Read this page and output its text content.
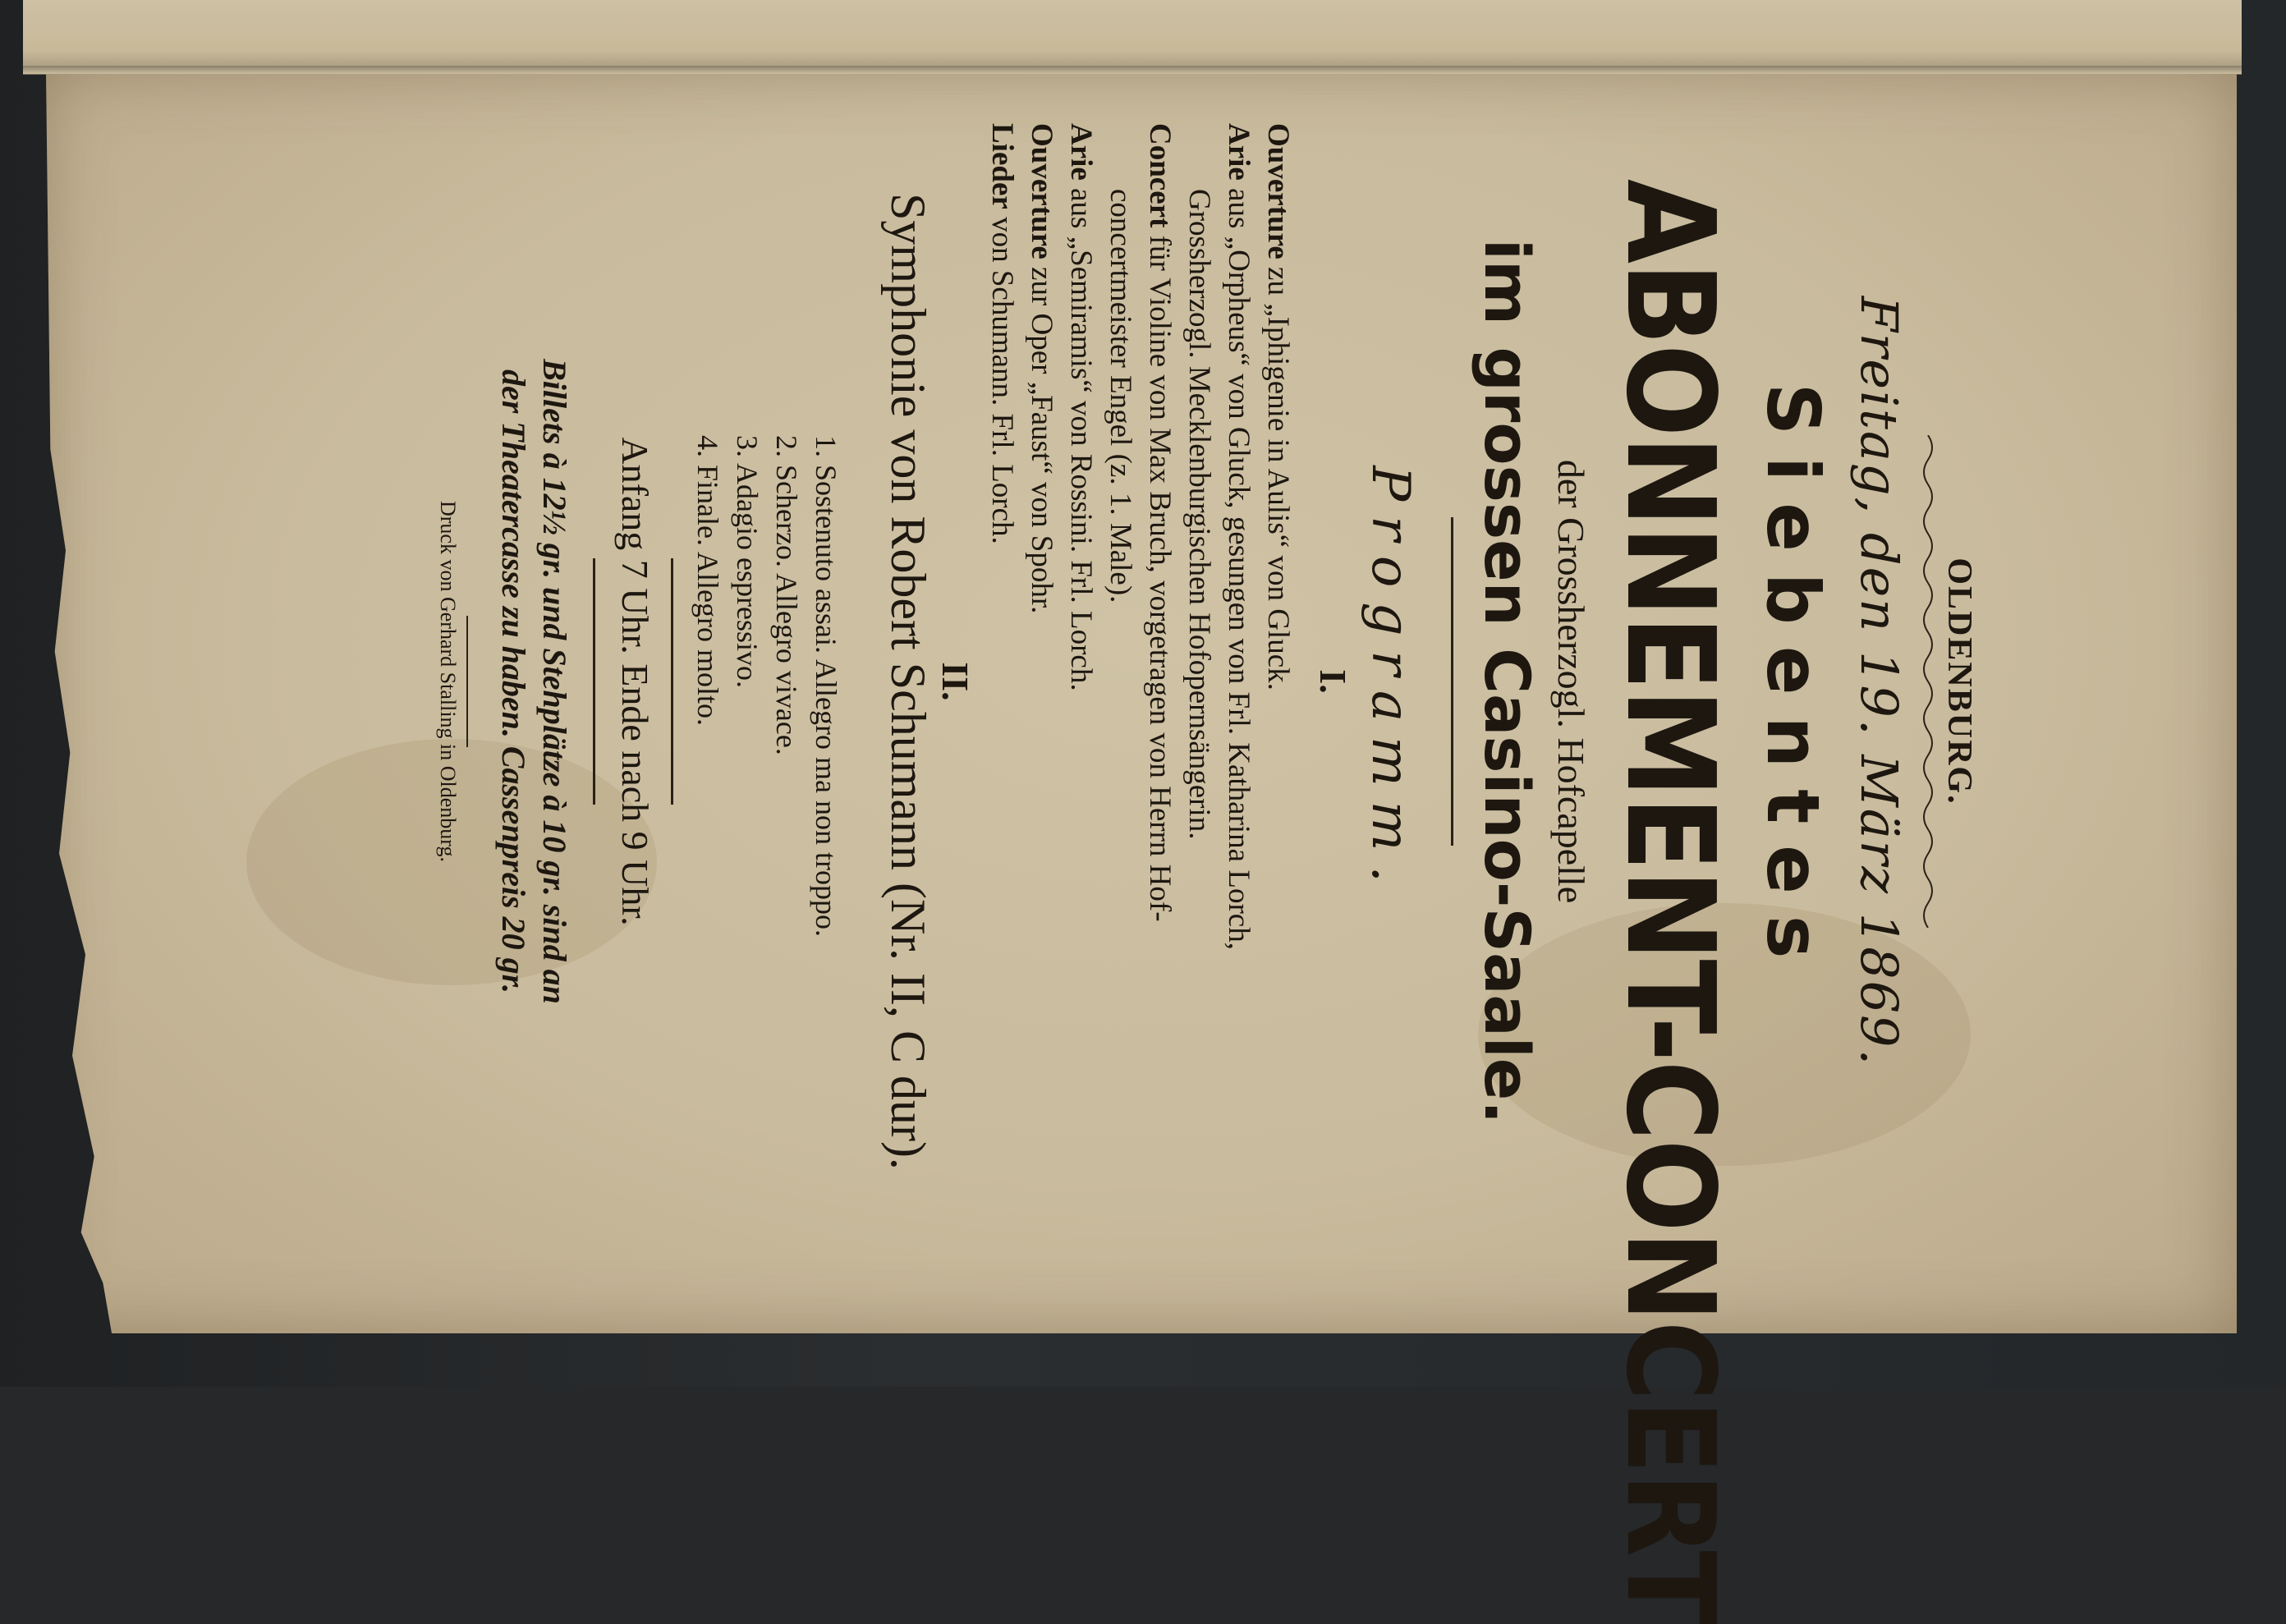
OLDENBURG.
Freitag, den 19. März 1869.
Siebentes
ABONNEMENT-CONCERT
der Grossherzogl. Hofcapelle
im grossen Casino-Saale.
Programm.
I.
Ouverture zu „Iphigenie in Aulis“ von Gluck.
Arie aus „Orpheus“ von Gluck, gesungen von Frl. Katharina Lorch,
Grossherzogl. Mecklenburgischen Hofopernsängerin.
Concert für Violine von Max Bruch, vorgetragen von Herrn Hof-
concertmeister Engel (z. 1. Male).
Arie aus „Semiramis“ von Rossini. Frl. Lorch.
Ouverture zur Oper „Faust“ von Spohr.
Lieder von Schumann. Frl. Lorch.
II.
Symphonie von Robert Schumann (Nr. II, C dur).
1. Sostenuto assai. Allegro ma non troppo.
2. Scherzo. Allegro vivace.
3. Adagio espressivo.
4. Finale. Allegro molto.
Anfang 7 Uhr. Ende nach 9 Uhr.
Billets à 12½ gr. und Stehplätze à 10 gr. sind an
der Theatercasse zu haben. Cassenpreis 20 gr.
Druck von Gerhard Stalling in Oldenburg.
